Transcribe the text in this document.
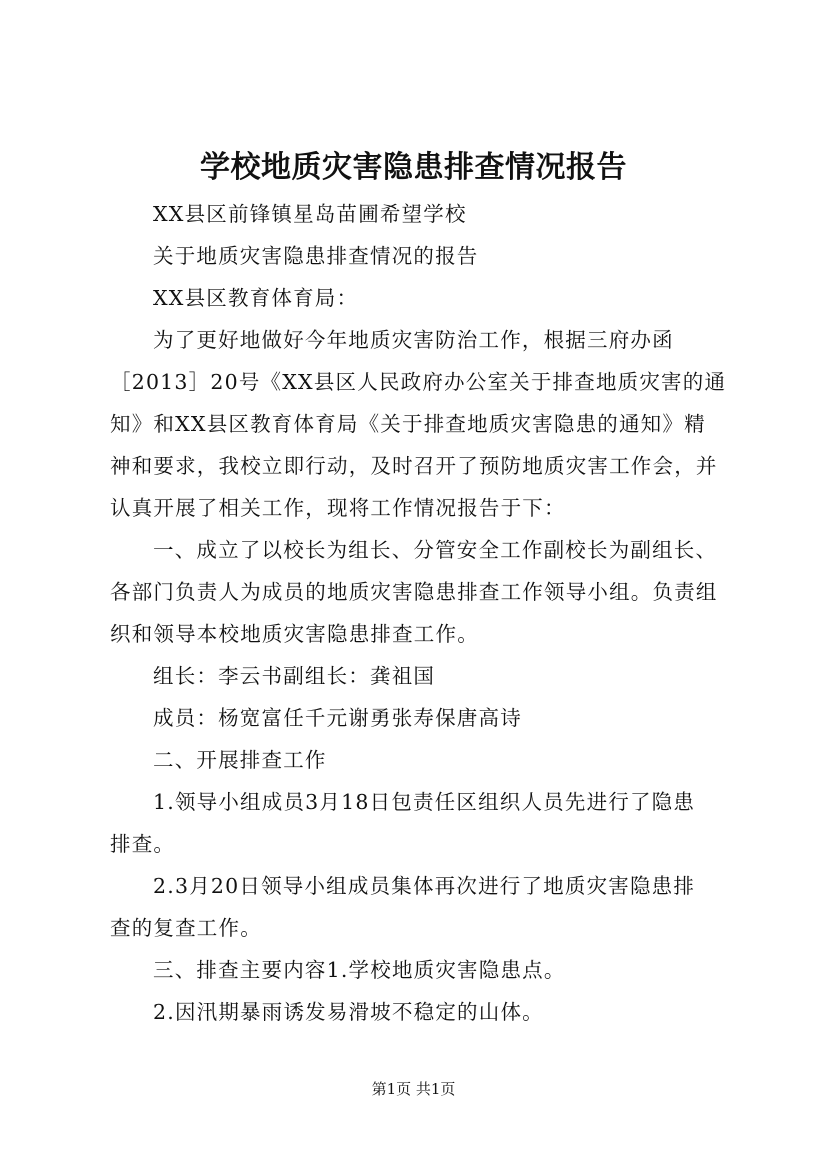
学校地质灾害隐患排查情况报告
XX县区前锋镇星岛苗圃希望学校
关于地质灾害隐患排查情况的报告
XX县区教育体育局：
为了更好地做好今年地质灾害防治工作，根据三府办函
［2013］20号《XX县区人民政府办公室关于排查地质灾害的通
知》和XX县区教育体育局《关于排查地质灾害隐患的通知》精
神和要求，我校立即行动，及时召开了预防地质灾害工作会，并
认真开展了相关工作，现将工作情况报告于下：
一、成立了以校长为组长、分管安全工作副校长为副组长、
各部门负责人为成员的地质灾害隐患排查工作领导小组。负责组
织和领导本校地质灾害隐患排查工作。
组长：李云书副组长：龚祖国
成员：杨宽富任千元谢勇张寿保唐高诗
二、开展排查工作
1.领导小组成员3月18日包责任区组织人员先进行了隐患
排查。
2.3月20日领导小组成员集体再次进行了地质灾害隐患排
查的复查工作。
三、排查主要内容1.学校地质灾害隐患点。
2.因汛期暴雨诱发易滑坡不稳定的山体。
第1页 共1页
